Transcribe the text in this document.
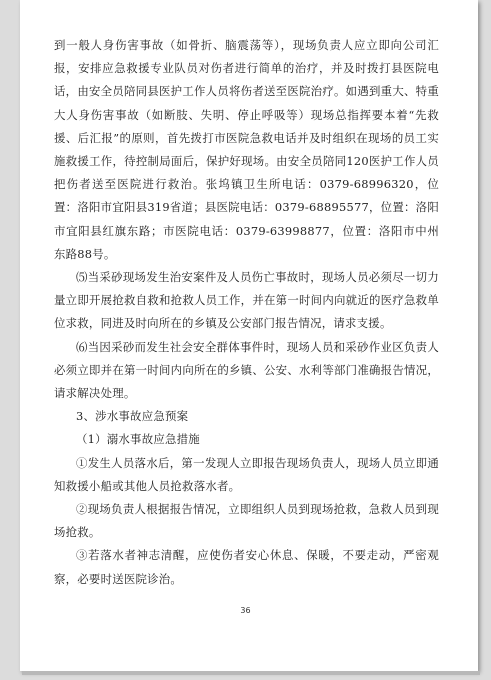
到一般人身伤害事故（如骨折、脑震荡等），现场负责人应立即向公司汇报，安排应急救援专业队员对伤者进行简单的治疗，并及时拨打县医院电话，由安全员陪同县医护工作人员将伤者送至医院治疗。如遇到重大、特重大人身伤害事故（如断肢、失明、停止呼吸等）现场总指挥要本着“先救援、后汇报”的原则，首先拨打市医院急救电话并及时组织在现场的员工实施救援工作，待控制局面后，保护好现场。由安全员陪同120医护工作人员把伤者送至医院进行救治。张坞镇卫生所电话：0379-68996320，位置：洛阳市宜阳县319省道；县医院电话：0379-68895577，位置：洛阳市宜阳县红旗东路；市医院电话：0379-63998877，位置：洛阳市中州东路88号。

⑸当采砂现场发生治安案件及人员伤亡事故时，现场人员必须尽一切力量立即开展抢救自救和抢救人员工作，并在第一时间内向就近的医疗急救单位求救，同进及时向所在的乡镇及公安部门报告情况，请求支援。

⑹当因采砂而发生社会安全群体事件时，现场人员和采砂作业区负责人必须立即并在第一时间内向所在的乡镇、公安、水利等部门准确报告情况，请求解决处理。

3、涉水事故应急预案

（1）溺水事故应急措施

①发生人员落水后，第一发现人立即报告现场负责人，现场人员立即通知救援小船或其他人员抢救落水者。

②现场负责人根据报告情况，立即组织人员到现场抢救，急救人员到现场抢救。

③若落水者神志清醒，应使伤者安心休息、保暖，不要走动，严密观察，必要时送医院诊治。

36
